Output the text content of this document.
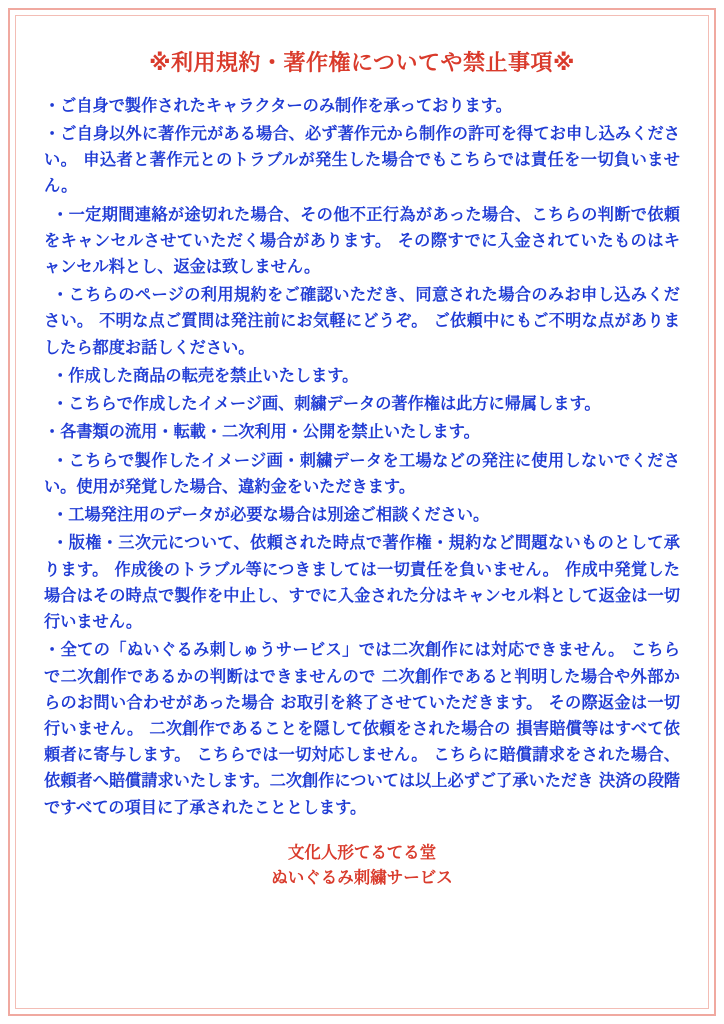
※利用規約・著作権についてや禁止事項※

・ご自身で製作されたキャラクターのみ制作を承っております。

・ご自身以外に著作元がある場合、必ず著作元から制作の許可を得てお申し込みください。 申込者と著作元とのトラブルが発生した場合でもこちらでは責任を一切負いません。

・一定期間連絡が途切れた場合、その他不正行為があった場合、こちらの判断で依頼をキャンセルさせていただく場合があります。 その際すでに入金されていたものはキャンセル料とし、返金は致しません。

・こちらのページの利用規約をご確認いただき、同意された場合のみお申し込みください。 不明な点ご質問は発注前にお気軽にどうぞ。 ご依頼中にもご不明な点がありましたら都度お話しください。

・作成した商品の転売を禁止いたします。

・こちらで作成したイメージ画、刺繍データの著作権は此方に帰属します。

・各書類の流用・転載・二次利用・公開を禁止いたします。

・こちらで製作したイメージ画・刺繍データを工場などの発注に使用しないでください。使用が発覚した場合、違約金をいただきます。

・工場発注用のデータが必要な場合は別途ご相談ください。

・版権・三次元について、依頼された時点で著作権・規約など問題ないものとして承ります。 作成後のトラブル等につきましては一切責任を負いません。 作成中発覚した場合はその時点で製作を中止し、すでに入金された分はキャンセル料として返金は一切行いません。

・全ての「ぬいぐるみ刺しゅうサービス」では二次創作には対応できません。 こちらで二次創作であるかの判断はできませんので 二次創作であると判明した場合や外部からのお問い合わせがあった場合 お取引を終了させていただきます。 その際返金は一切行いません。 二次創作であることを隠して依頼をされた場合の 損害賠償等はすべて依頼者に寄与します。 こちらでは一切対応しません。 こちらに賠償請求をされた場合、依頼者へ賠償請求いたします。二次創作については以上必ずご了承いただき 決済の段階ですべての項目に了承されたこととします。

文化人形てるてる堂
ぬいぐるみ刺繍サービス
